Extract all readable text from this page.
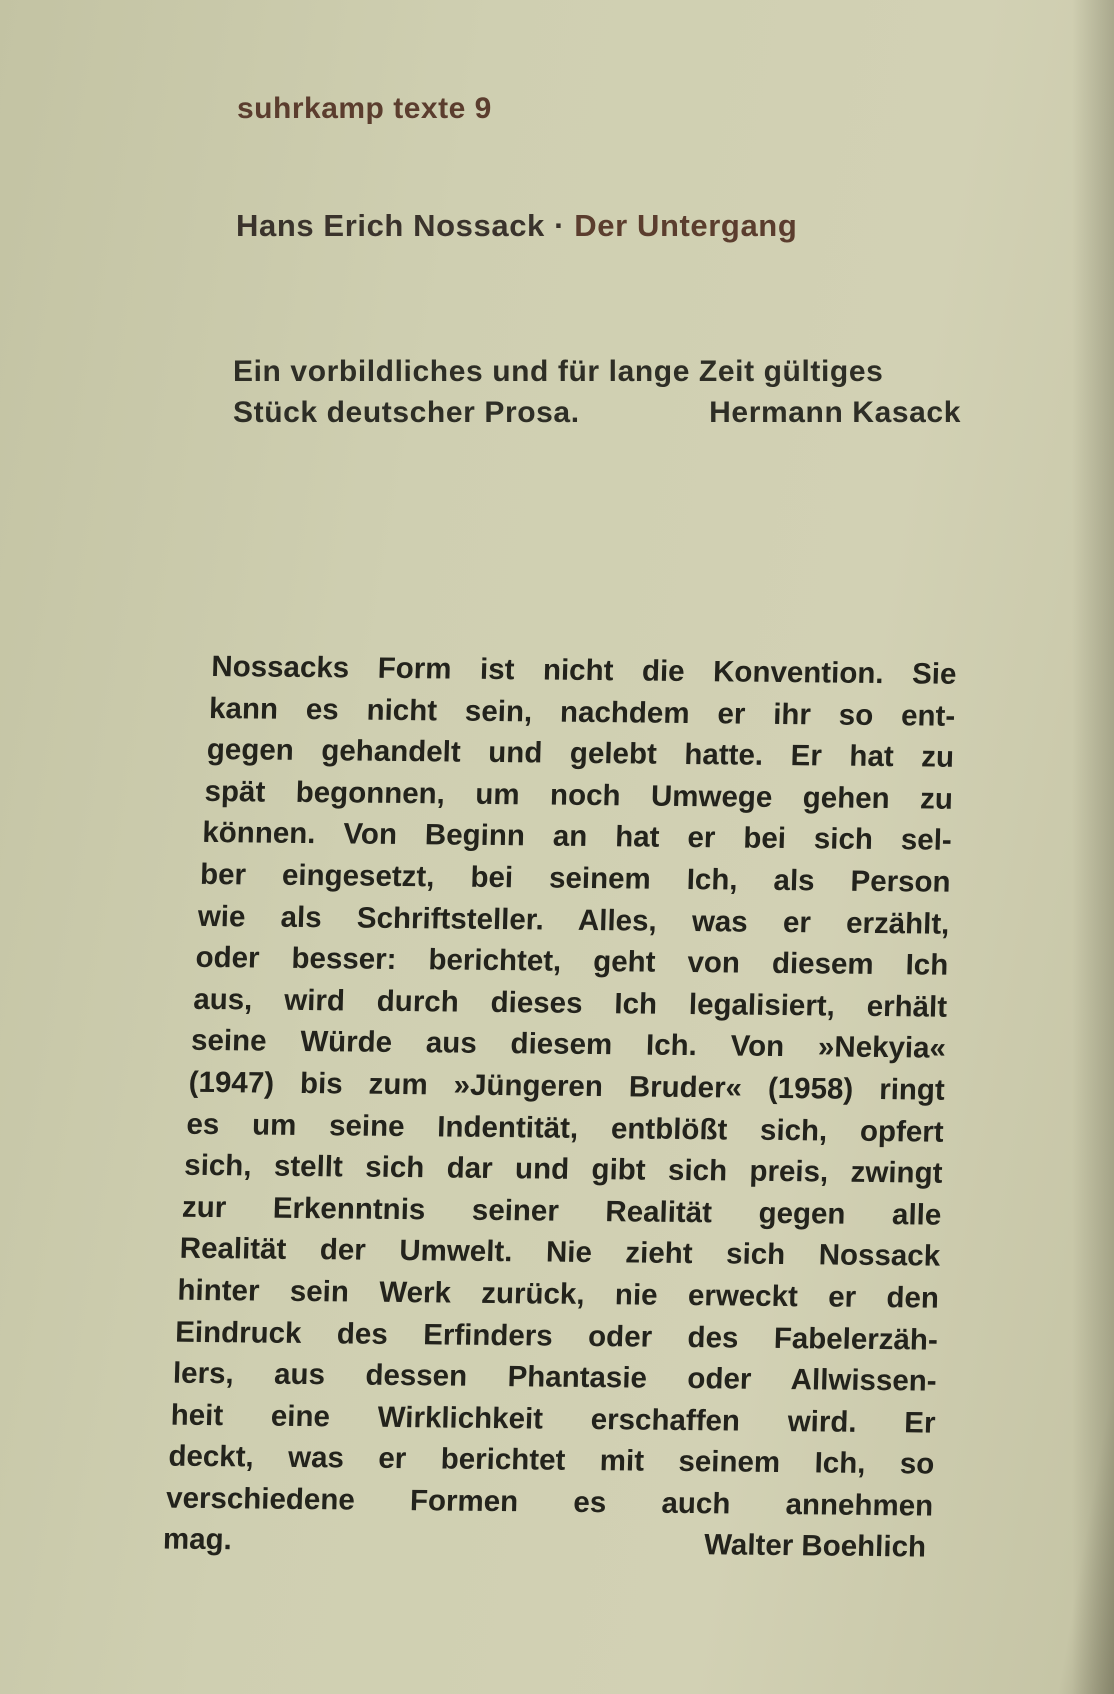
suhrkamp texte 9
Hans Erich Nossack · Der Untergang
Ein vorbildliches und für lange Zeit gültiges
Stück deutscher Prosa.	Hermann Kasack
Nossacks Form ist nicht die Konvention. Sie
kann es nicht sein, nachdem er ihr so ent-
gegen gehandelt und gelebt hatte. Er hat zu
spät begonnen, um noch Umwege gehen zu
können. Von Beginn an hat er bei sich sel-
ber eingesetzt, bei seinem Ich, als Person
wie als Schriftsteller. Alles, was er erzählt,
oder besser: berichtet, geht von diesem Ich
aus, wird durch dieses Ich legalisiert, erhält
seine Würde aus diesem Ich. Von »Nekyia«
(1947) bis zum »Jüngeren Bruder« (1958) ringt
es um seine Indentität, entblößt sich, opfert
sich, stellt sich dar und gibt sich preis, zwingt
zur Erkenntnis seiner Realität gegen alle
Realität der Umwelt. Nie zieht sich Nossack
hinter sein Werk zurück, nie erweckt er den
Eindruck des Erfinders oder des Fabelerzäh-
lers, aus dessen Phantasie oder Allwissen-
heit eine Wirklichkeit erschaffen wird. Er
deckt, was er berichtet mit seinem Ich, so
verschiedene Formen es auch annehmen
mag.	Walter Boehlich
